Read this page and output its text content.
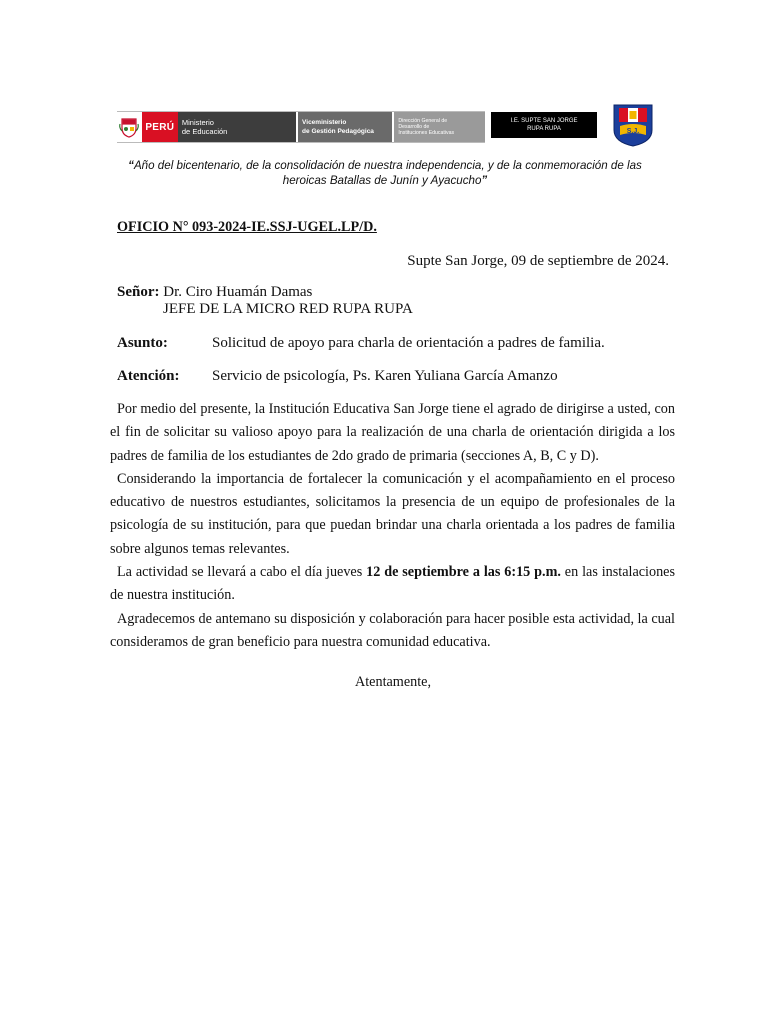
PERÚ	Ministerio
de Educación
Viceministerio
de Gestión Pedagógica
Dirección General de
Desarrollo de
Instituciones Educativas
I.E. SUPTE SAN JORGE
RUPA RUPA	S.J.
“Año del bicentenario, de la consolidación de nuestra independencia, y de la conmemoración de las heroicas Batallas de Junín y Ayacucho”
OFICIO N° 093-2024-IE.SSJ-UGEL.LP/D.
Supte San Jorge, 09 de septiembre de 2024.
Señor: Dr. Ciro Huamán Damas
JEFE DE LA MICRO RED RUPA RUPA
Asunto:	Solicitud de apoyo para charla de orientación a padres de familia.
Atención:	Servicio de psicología, Ps. Karen Yuliana García Amanzo

Por medio del presente, la Institución Educativa San Jorge tiene el agrado de dirigirse a usted, con el fin de solicitar su valioso apoyo para la realización de una charla de orientación dirigida a los padres de familia de los estudiantes de 2do grado de primaria (secciones A, B, C y D).

Considerando la importancia de fortalecer la comunicación y el acompañamiento en el proceso educativo de nuestros estudiantes, solicitamos la presencia de un equipo de profesionales de la psicología de su institución, para que puedan brindar una charla orientada a los padres de familia sobre algunos temas relevantes.

La actividad se llevará a cabo el día jueves 12 de septiembre a las 6:15 p.m. en las instalaciones de nuestra institución.

Agradecemos de antemano su disposición y colaboración para hacer posible esta actividad, la cual consideramos de gran beneficio para nuestra comunidad educativa.

Atentamente,
